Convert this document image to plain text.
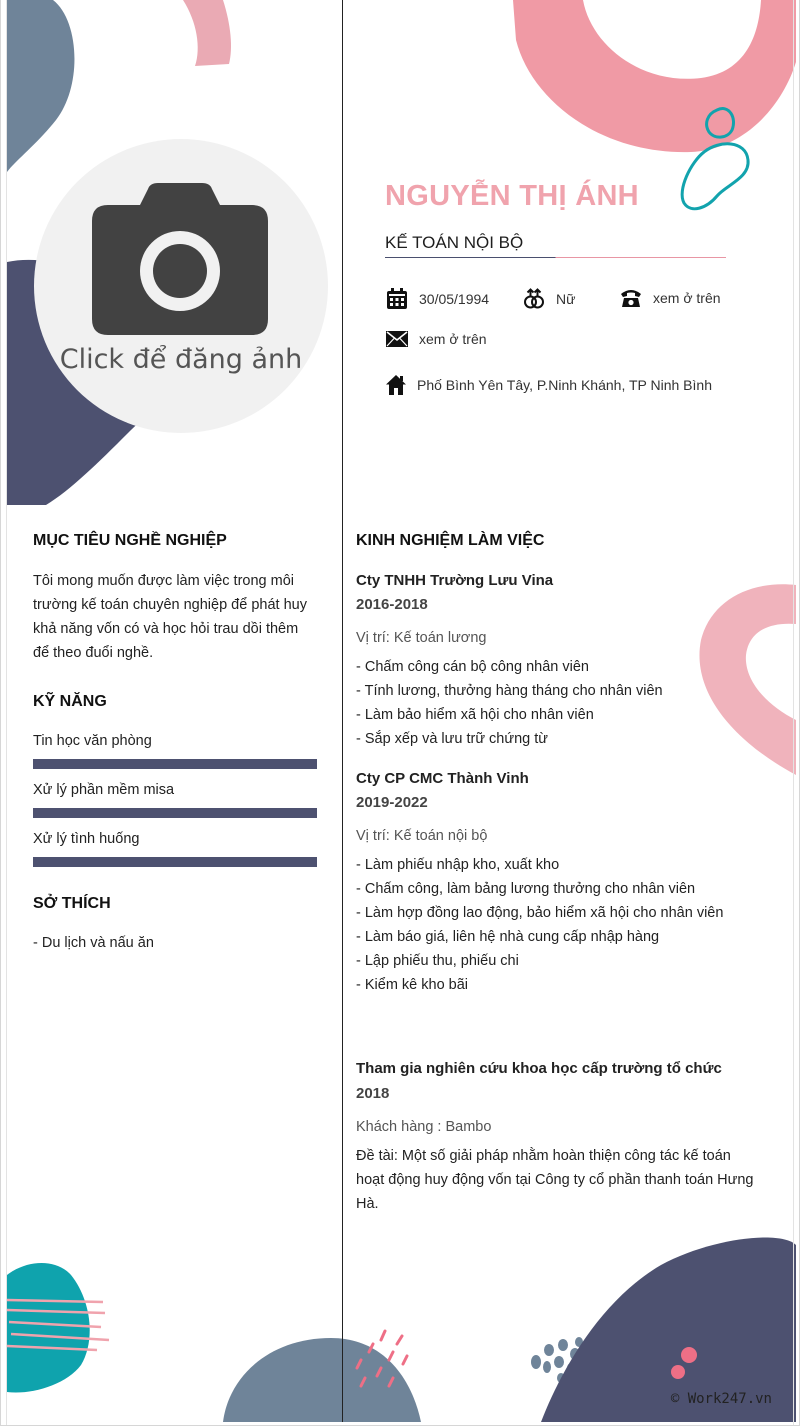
Click để đăng ảnh
NGUYỄN THỊ ÁNH
KẾ TOÁN NỘI BỘ
30/05/1994	Nữ	xem ở trên
xem ở trên
Phố Bình Yên Tây, P.Ninh Khánh, TP Ninh Bình
MỤC TIÊU NGHỀ NGHIỆP
Tôi mong muốn được làm việc trong môi
trường kế toán chuyên nghiệp để phát huy
khả năng vốn có và học hỏi trau dồi thêm
để theo đuổi nghề.
KỸ NĂNG
Tin học văn phòng
Xử lý phần mềm misa
Xử lý tình huống
SỞ THÍCH
- Du lịch và nấu ăn
KINH NGHIỆM LÀM VIỆC
Cty TNHH Trường Lưu Vina
2016-2018
Vị trí: Kế toán lương
- Chấm công cán bộ công nhân viên
- Tính lương, thưởng hàng tháng cho nhân viên
- Làm bảo hiểm xã hội cho nhân viên
- Sắp xếp và lưu trữ chứng từ
Cty CP CMC Thành Vinh
2019-2022
Vị trí: Kế toán nội bộ
- Làm phiếu nhập kho, xuất kho
- Chấm công, làm bảng lương thưởng cho nhân viên
- Làm hợp đồng lao động, bảo hiểm xã hội cho nhân viên
- Làm báo giá, liên hệ nhà cung cấp nhập hàng
- Lập phiếu thu, phiếu chi
- Kiểm kê kho bãi
Tham gia nghiên cứu khoa học cấp trường tổ chức
2018
Khách hàng : Bambo
Đề tài: Một số giải pháp nhằm hoàn thiện công tác kế toán
hoạt động huy động vốn tại Công ty cổ phần thanh toán Hưng
Hà.
© Work247.vn
